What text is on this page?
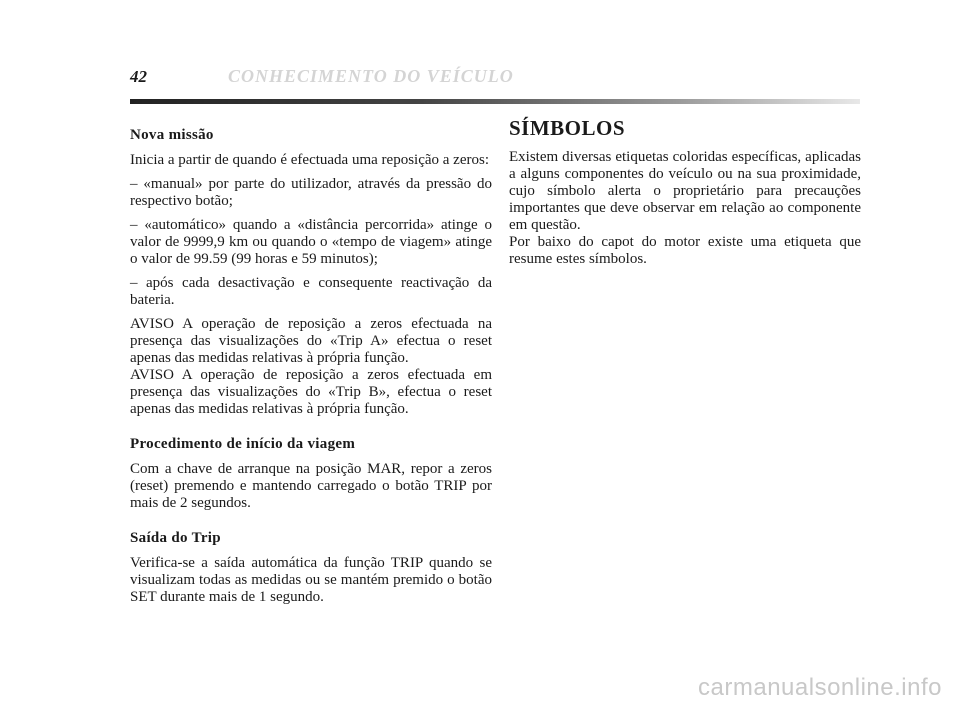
42	CONHECIMENTO DO VEÍCULO
Nova missão

Inicia a partir de quando é efectuada uma reposição a zeros:

– «manual» por parte do utilizador, através da pressão do respectivo botão;

– «automático» quando a «distância percorrida» atinge o valor de 9999,9 km ou quando o «tempo de viagem» atinge o valor de 99.59 (99 horas e 59 minutos);

– após cada desactivação e consequente reactivação da bateria.

AVISO A operação de reposição a zeros efectuada na presença das visualizações do «Trip A» efectua o reset apenas das medidas relativas à própria função.

AVISO A operação de reposição a zeros efectuada em presença das visualizações do «Trip B», efectua o reset apenas das medidas relativas à própria função.

Procedimento de início da viagem

Com a chave de arranque na posição MAR, repor a zeros (reset) premendo e mantendo carregado o botão TRIP por mais de 2 segundos.

Saída do Trip

Verifica-se a saída automática da função TRIP quando se visualizam todas as medidas ou se mantém premido o botão SET durante mais de 1 segundo.

SÍMBOLOS

Existem diversas etiquetas coloridas específicas, aplicadas a alguns componentes do veículo ou na sua proximidade, cujo símbolo alerta o proprietário para precauções importantes que deve observar em relação ao componente em questão.

Por baixo do capot do motor existe uma etiqueta que resume estes símbolos.

carmanualsonline.info
